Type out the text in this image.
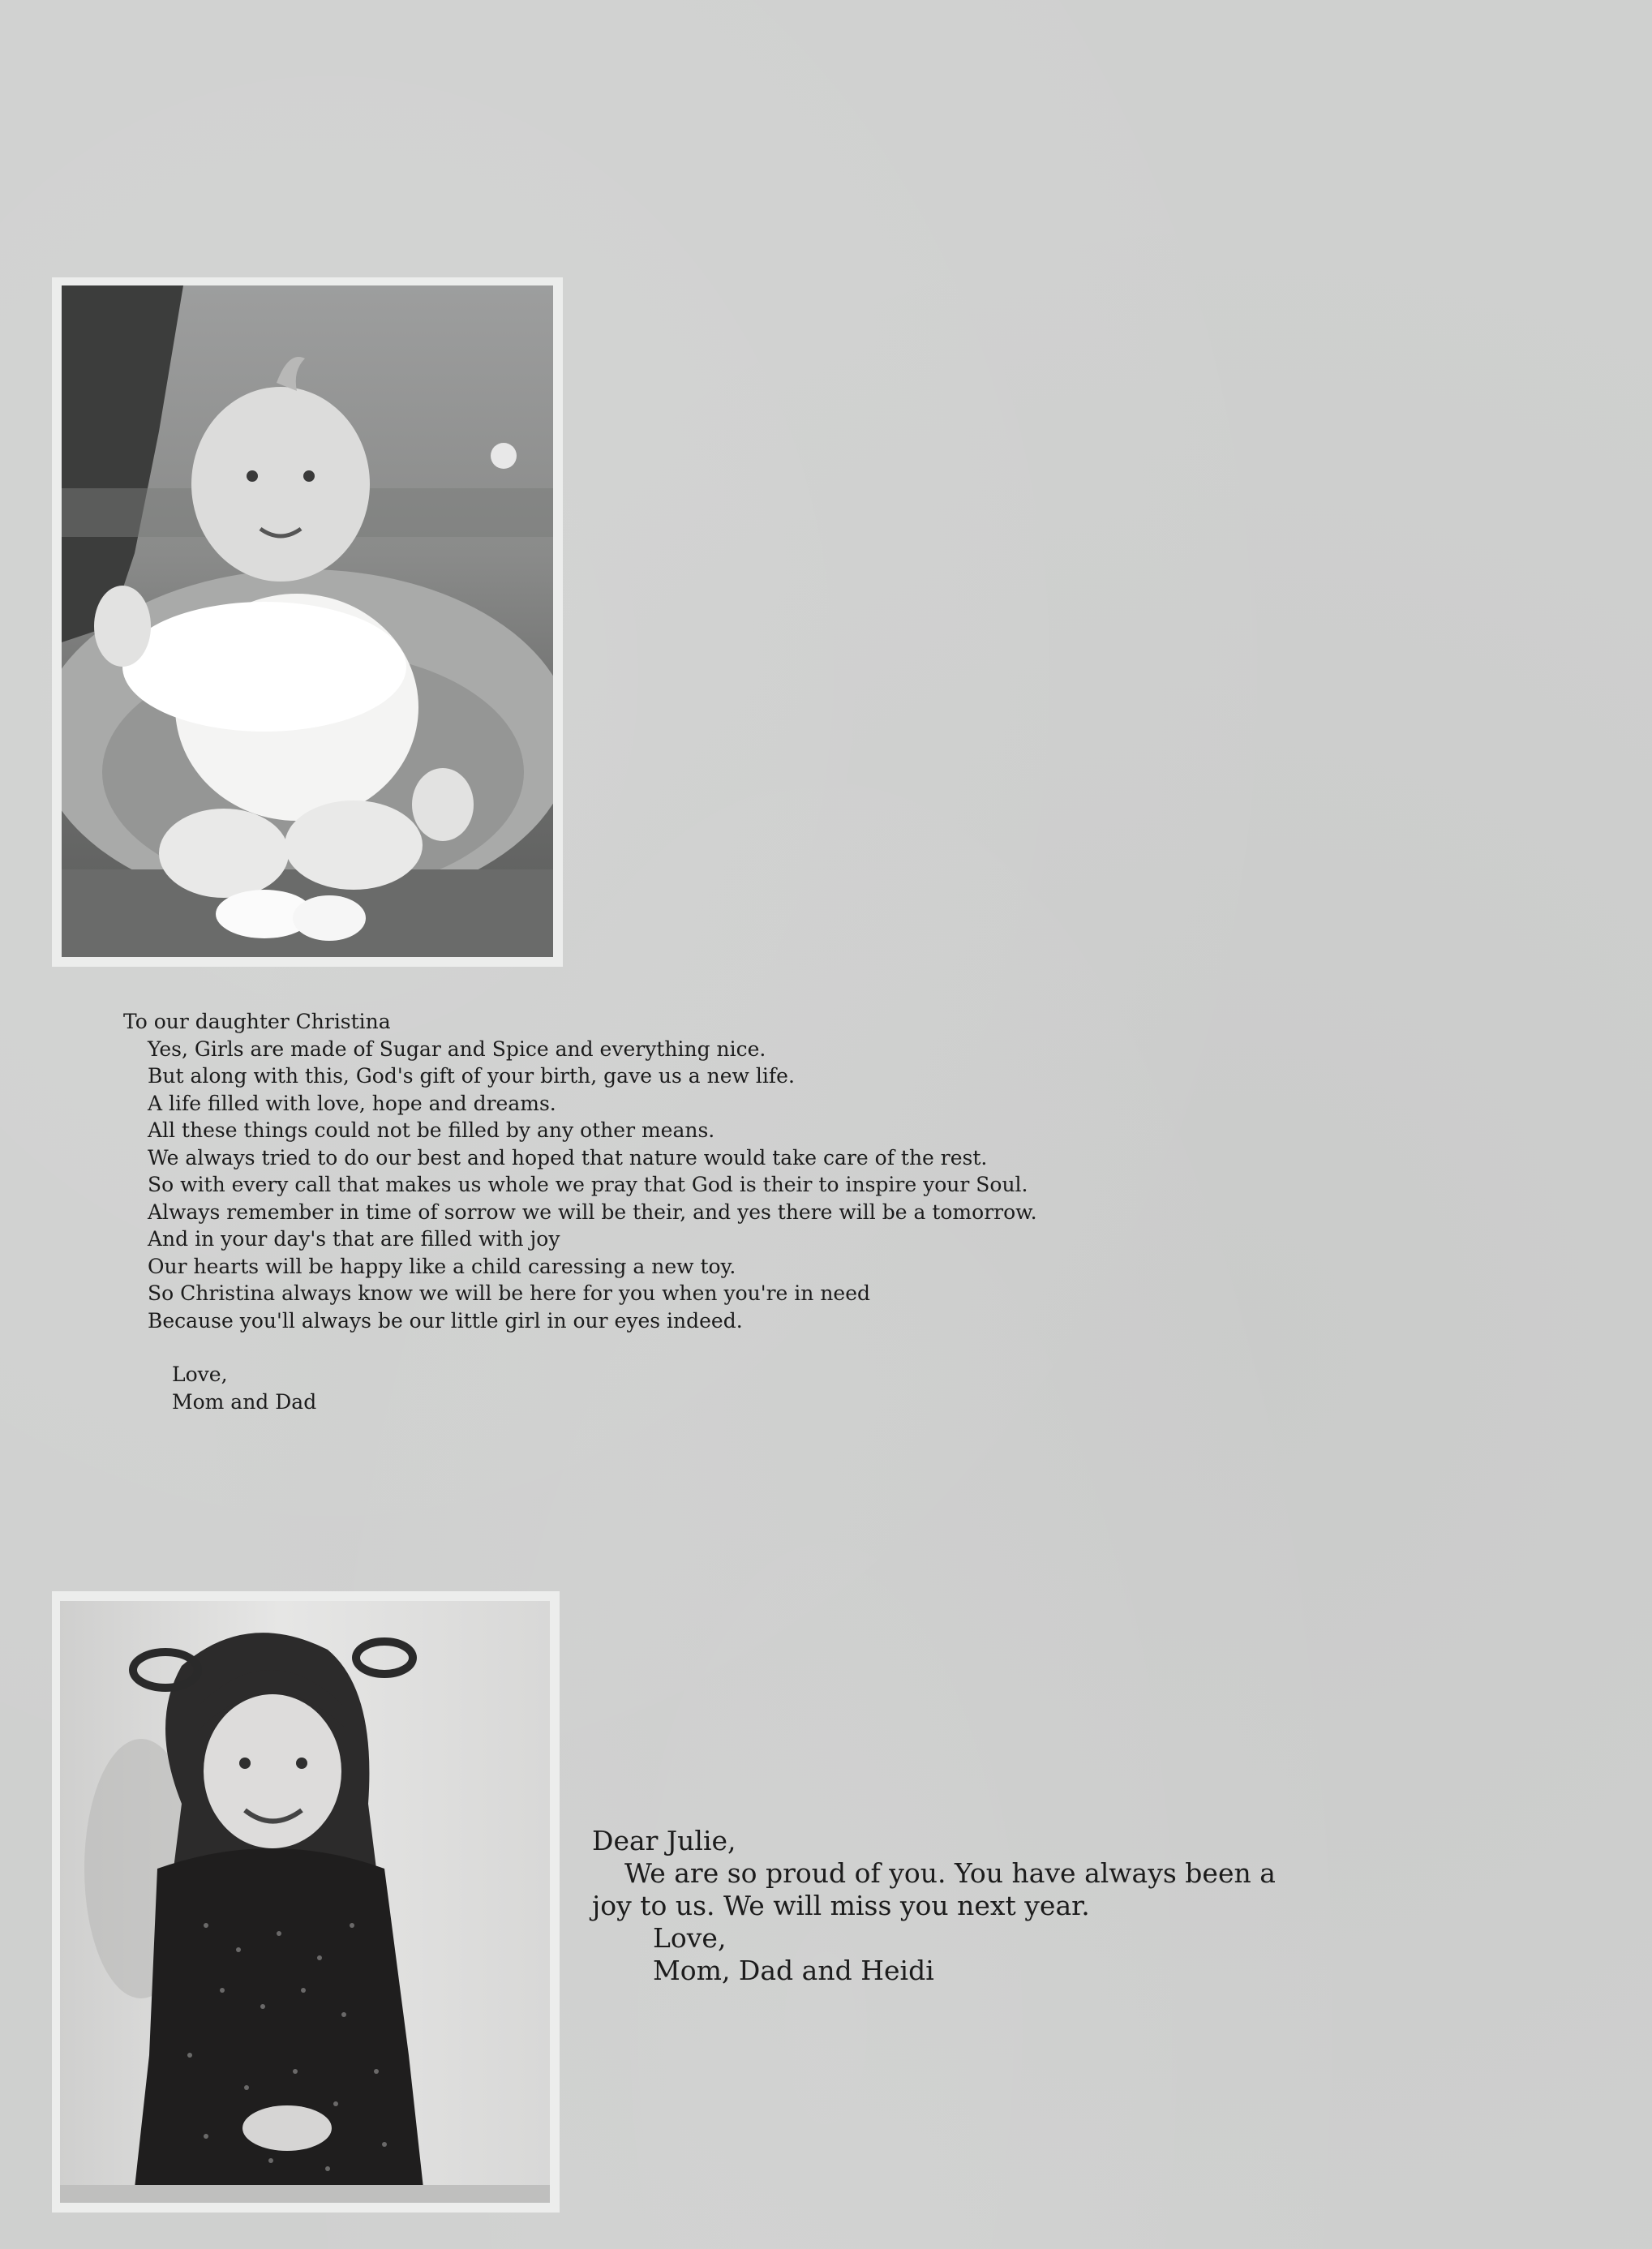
To our daughter Christina
Yes, Girls are made of Sugar and Spice and everything nice.
But along with this, God's gift of your birth, gave us a new life.
A life filled with love, hope and dreams.
All these things could not be filled by any other means.
We always tried to do our best and hoped that nature would take care of the rest.
So with every call that makes us whole we pray that God is their to inspire your Soul.
Always remember in time of sorrow we will be their, and yes there will be a tomorrow.
And in your day's that are filled with joy
Our hearts will be happy like a child caressing a new toy.
So Christina always know we will be here for you when you're in need
Because you'll always be our little girl in our eyes indeed.
Love,
Mom and Dad
Dear Julie,
We are so proud of you. You have always been a
joy to us. We will miss you next year.
Love,
Mom, Dad and Heidi
